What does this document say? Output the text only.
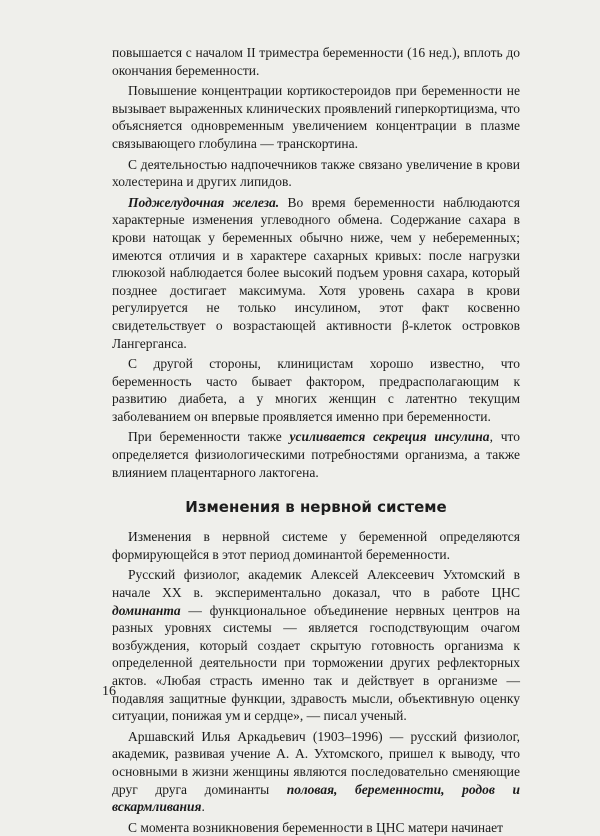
повышается с началом II триместра беременности (16 нед.), вплоть до окончания беременности.

Повышение концентрации кортикостероидов при беременности не вызывает выраженных клинических проявлений гиперкортицизма, что объясняется одновременным увеличением концентрации в плазме связывающего глобулина — транскортина.

С деятельностью надпочечников также связано увеличение в крови холестерина и других липидов.

Поджелудочная железа. Во время беременности наблюдаются характерные изменения углеводного обмена. Содержание сахара в крови натощак у беременных обычно ниже, чем у небеременных; имеются отличия и в характере сахарных кривых: после нагрузки глюкозой наблюдается более высокий подъем уровня сахара, который позднее достигает максимума. Хотя уровень сахара в крови регулируется не только инсулином, этот факт косвенно свидетельствует о возрастающей активности β-клеток островков Лангерганса.

С другой стороны, клиницистам хорошо известно, что беременность часто бывает фактором, предрасполагающим к развитию диабета, а у многих женщин с латентно текущим заболеванием он впервые проявляется именно при беременности.

При беременности также усиливается секреция инсулина, что определяется физиологическими потребностями организма, а также влиянием плацентарного лактогена.

Изменения в нервной системе

Изменения в нервной системе у беременной определяются формирующейся в этот период доминантой беременности.

Русский физиолог, академик Алексей Алексеевич Ухтомский в начале XX в. экспериментально доказал, что в работе ЦНС доминанта — функциональное объединение нервных центров на разных уровнях системы — является господствующим очагом возбуждения, который создает скрытую готовность организма к определенной деятельности при торможении других рефлекторных актов. «Любая страсть именно так и действует в организме — подавляя защитные функции, здравость мысли, объективную оценку ситуации, понижая ум и сердце», — писал ученый.

Аршавский Илья Аркадьевич (1903–1996) — русский физиолог, академик, развивая учение А. А. Ухтомского, пришел к выводу, что основными в жизни женщины являются последовательно сменяющие друг друга доминанты половая, беременности, родов и вскармливания.

С момента возникновения беременности в ЦНС матери начинает

16
